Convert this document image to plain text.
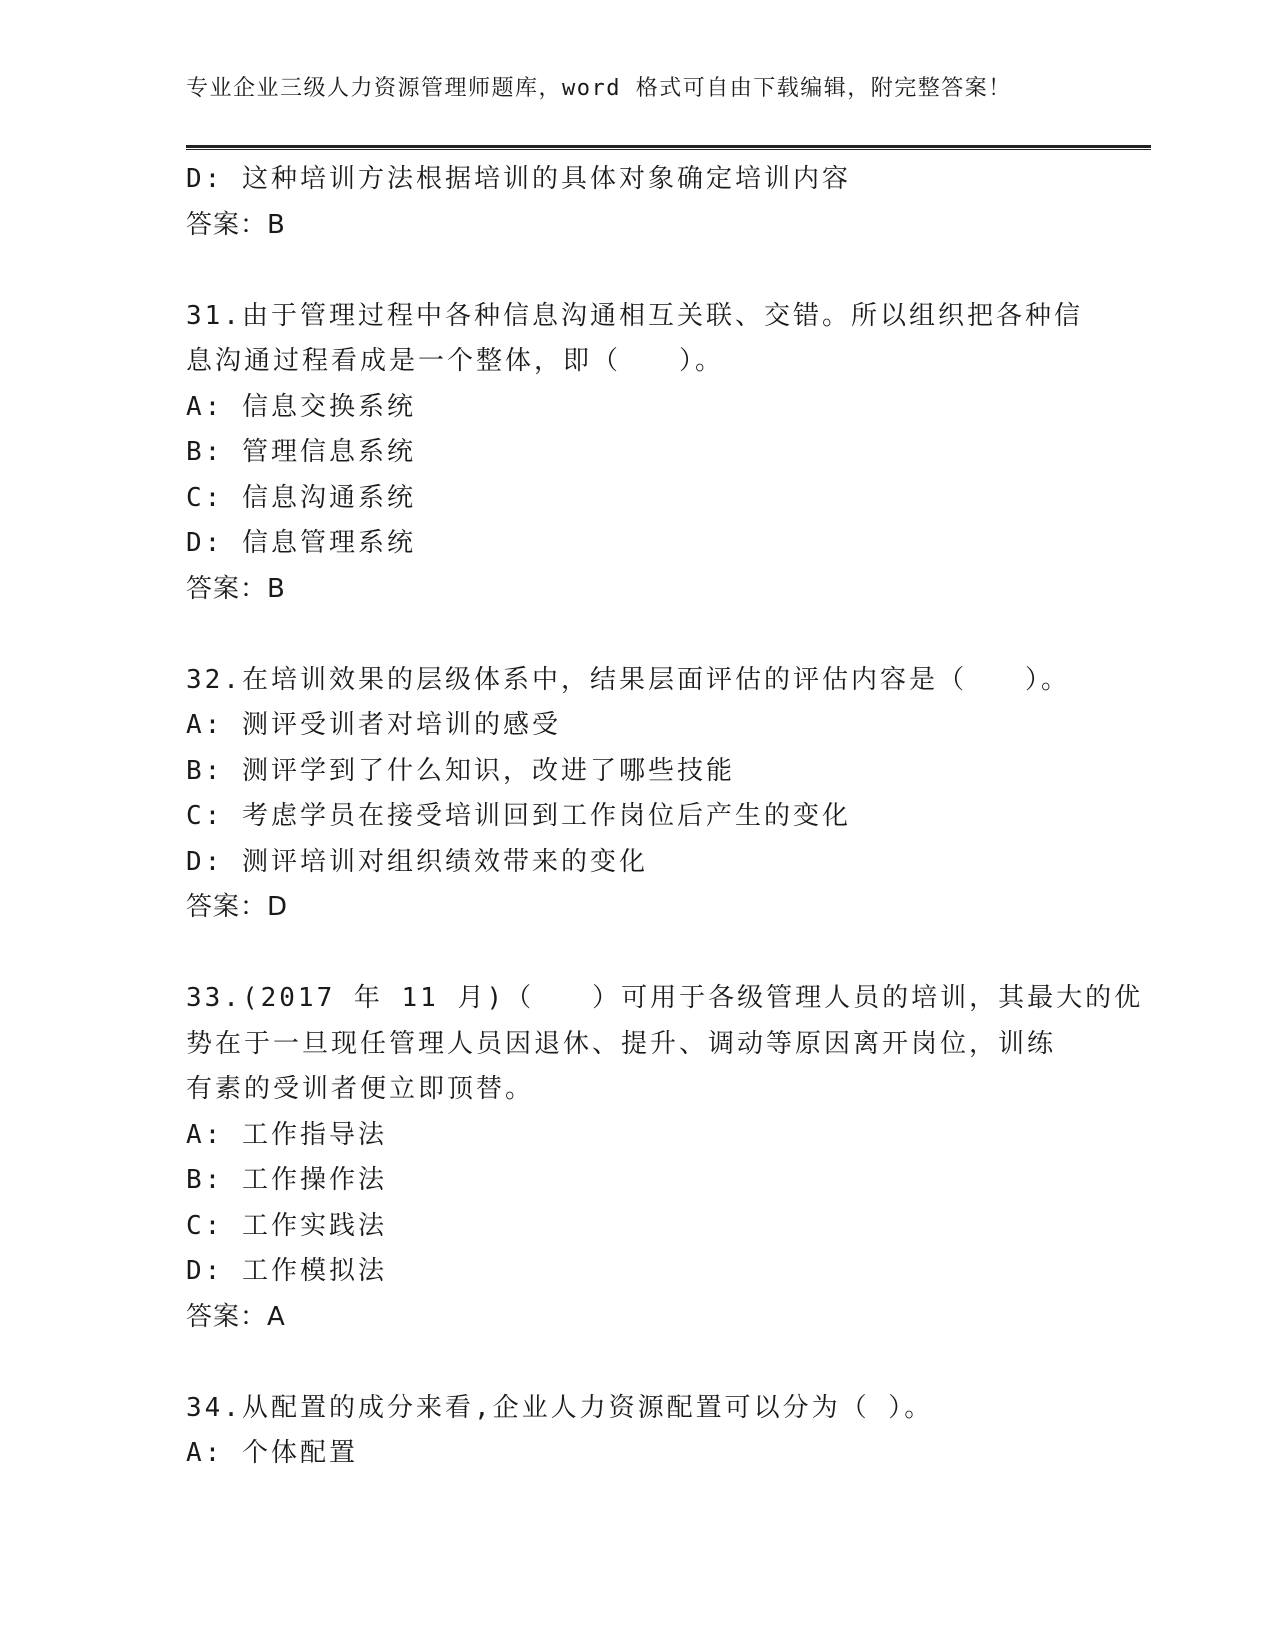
专业企业三级人力资源管理师题库，word 格式可自由下载编辑，附完整答案！
D: 这种培训方法根据培训的具体对象确定培训内容
答案：B
31.由于管理过程中各种信息沟通相互关联、交错。所以组织把各种信
息沟通过程看成是一个整体，即（　　）。
A: 信息交换系统
B: 管理信息系统
C: 信息沟通系统
D: 信息管理系统
答案：B
32.在培训效果的层级体系中，结果层面评估的评估内容是（　　）。
A: 测评受训者对培训的感受
B: 测评学到了什么知识，改进了哪些技能
C: 考虑学员在接受培训回到工作岗位后产生的变化
D: 测评培训对组织绩效带来的变化
答案：D
33.(2017 年 11 月)（　　）可用于各级管理人员的培训，其最大的优
势在于一旦现任管理人员因退休、提升、调动等原因离开岗位，训练
有素的受训者便立即顶替。
A: 工作指导法
B: 工作操作法
C: 工作实践法
D: 工作模拟法
答案：A
34.从配置的成分来看,企业人力资源配置可以分为（ ）。
A: 个体配置
